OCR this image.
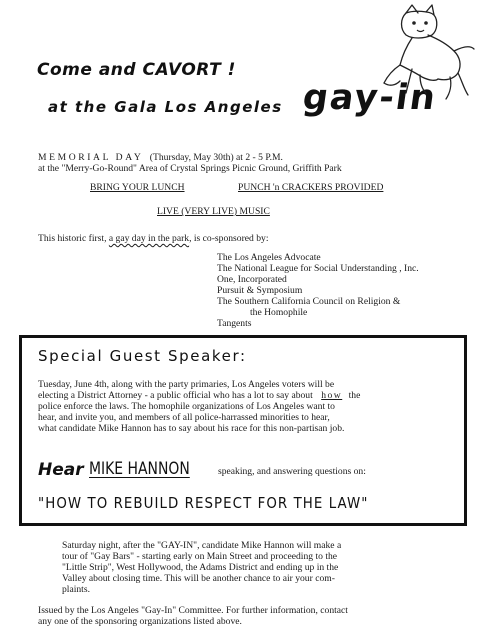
Come and CAVORT !
at the Gala Los Angeles gay-in
MEMORIAL DAY (Thursday, May 30th) at 2 - 5 P.M.
at the "Merry-Go-Round" Area of Crystal Springs Picnic Ground, Griffith Park
BRING YOUR LUNCH	PUNCH 'n CRACKERS PROVIDED
LIVE (VERY LIVE) MUSIC
This historic first, a gay day in the park, is co-sponsored by:
The Los Angeles Advocate
The National League for Social Understanding , Inc.
One, Incorporated
Pursuit & Symposium
The Southern California Council on Religion &
the Homophile
Tangents
Special Guest Speaker:
Tuesday, June 4th, along with the party primaries, Los Angeles voters will be
electing a District Attorney - a public official who has a lot to say about how the
police enforce the laws. The homophile organizations of Los Angeles want to
hear, and invite you, and members of all police-harrassed minorities to hear,
what candidate Mike Hannon has to say about his race for this non-partisan job.
Hear MIKE HANNON	speaking, and answering questions on:
"HOW TO REBUILD RESPECT FOR THE LAW"
Saturday night, after the "GAY-IN", candidate Mike Hannon will make a
tour of "Gay Bars" - starting early on Main Street and proceeding to the
"Little Strip", West Hollywood, the Adams District and ending up in the
Valley about closing time. This will be another chance to air your com-
plaints.
Issued by the Los Angeles "Gay-In" Committee. For further information, contact
any one of the sponsoring organizations listed above.
